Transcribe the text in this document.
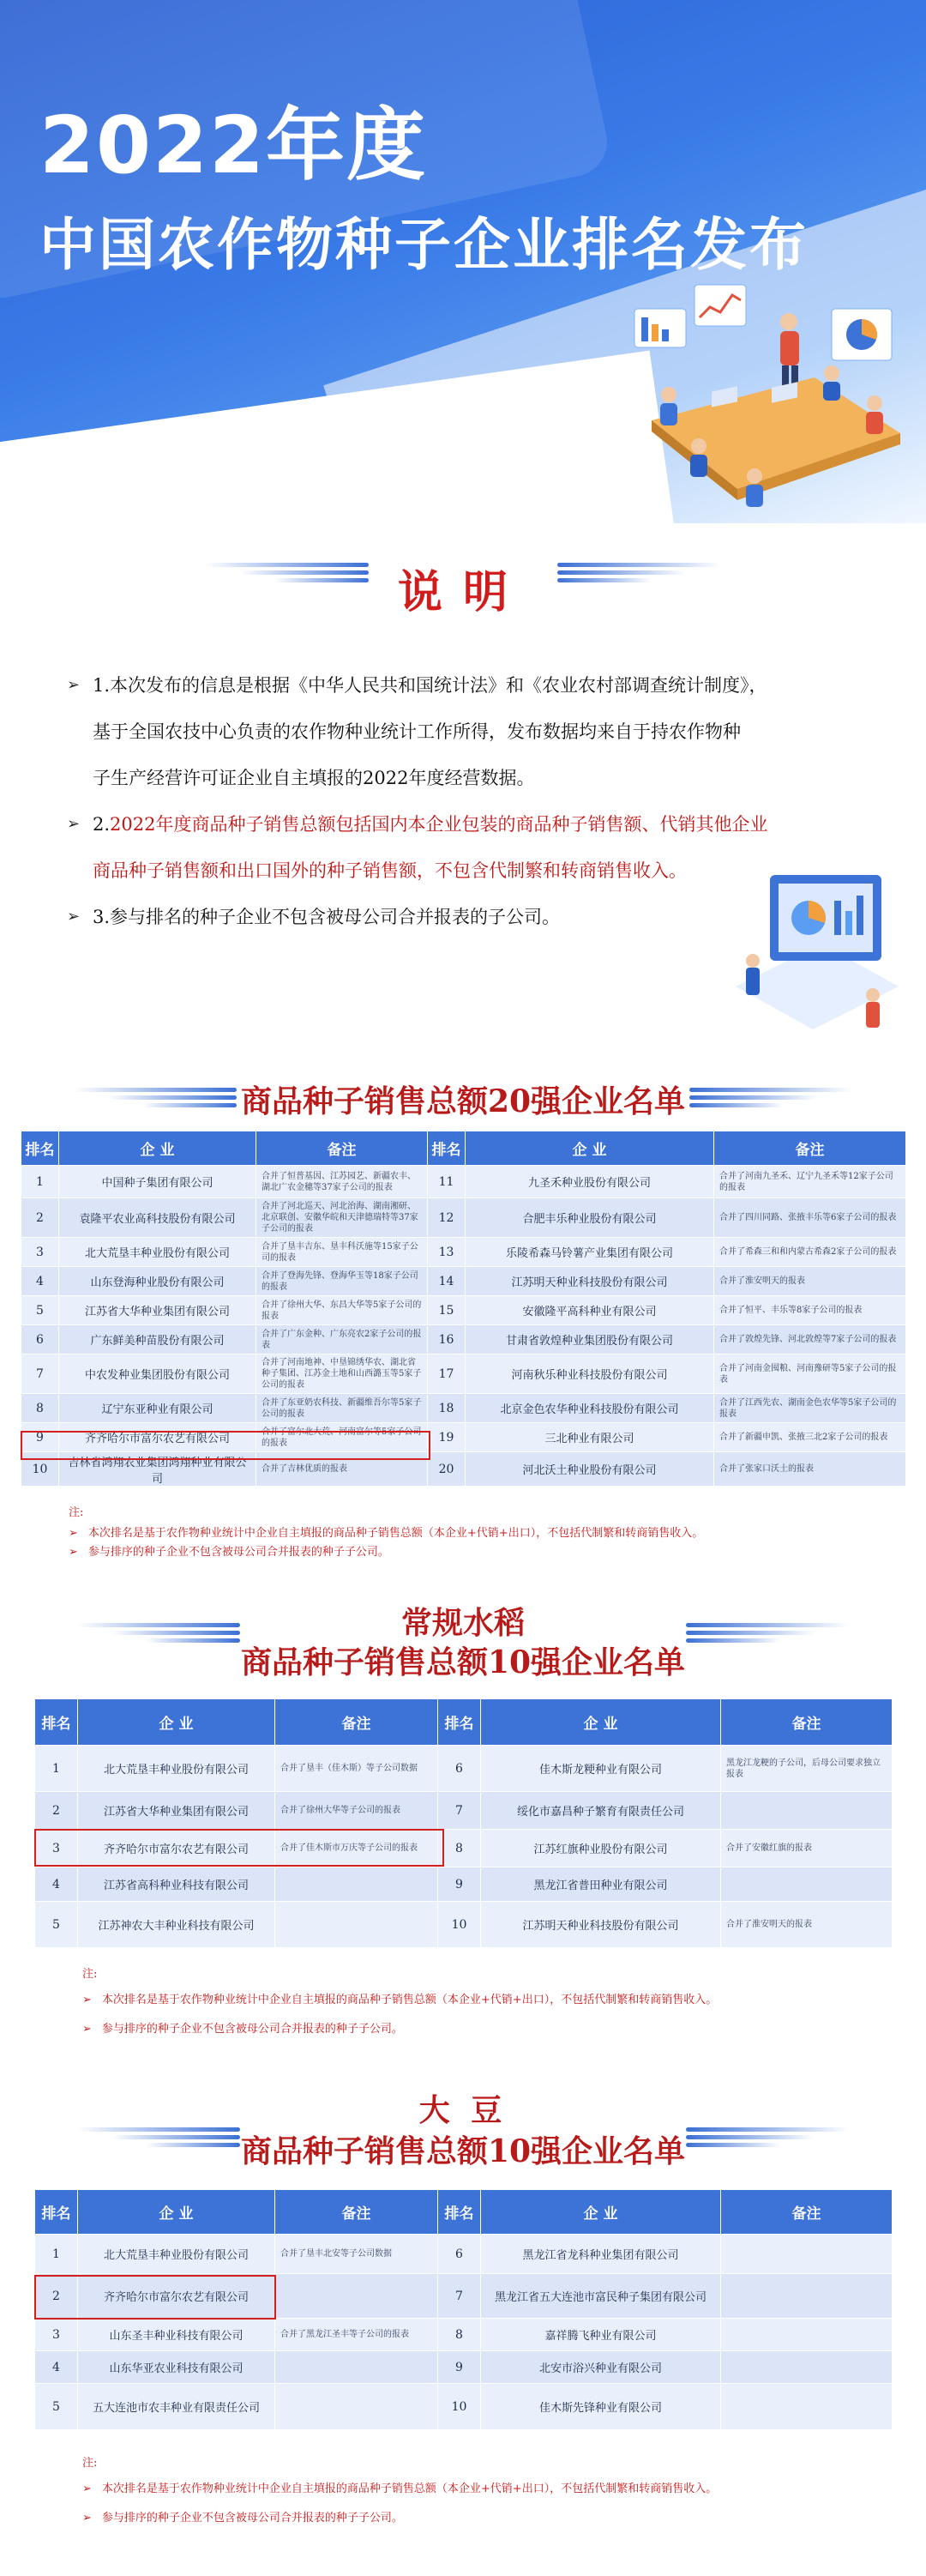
2022年度
中国农作物种子企业排名发布
说明
➢ 1.本次发布的信息是根据《中华人民共和国统计法》和《农业农村部调查统计制度》，
基于全国农技中心负责的农作物种业统计工作所得，发布数据均来自于持农作物种
子生产经营许可证企业自主填报的2022年度经营数据。
➢ 2.2022年度商品种子销售总额包括国内本企业包装的商品种子销售额、代销其他企业
商品种子销售额和出口国外的种子销售额，不包含代制繁和转商销售收入。
➢ 3.参与排名的种子企业不包含被母公司合并报表的子公司。
商品种子销售总额20强企业名单
排名	企 业	备注	排名	企 业	备注
1	中国种子集团有限公司	合并了恒普基因、江苏园艺、新疆农丰、湖北广农金穗等37家子公司的报表	11	九圣禾种业股份有限公司	合并了河南九圣禾、辽宁九圣禾等12家子公司的报表
2	袁隆平农业高科技股份有限公司	合并了河北巡天、河北治海、湖南湘研、北京联创、安徽华皖和天津德瑞特等37家子公司的报表	12	合肥丰乐种业股份有限公司	合并了四川同路、张掖丰乐等6家子公司的报表
3	北大荒垦丰种业股份有限公司	合并了垦丰吉东、垦丰科沃施等15家子公司的报表	13	乐陵希森马铃薯产业集团有限公司	合并了希森三和和内蒙古希森2家子公司的报表
4	山东登海种业股份有限公司	合并了登海先锋、登海华玉等18家子公司的报表	14	江苏明天种业科技股份有限公司	合并了淮安明天的报表
5	江苏省大华种业集团有限公司	合并了徐州大华、东昌大华等5家子公司的报表	15	安徽隆平高科种业有限公司	合并了恒平、丰乐等8家子公司的报表
6	广东鲜美种苗股份有限公司	合并了广东金种、广东亮农2家子公司的报表	16	甘肃省敦煌种业集团股份有限公司	合并了敦煌先锋、河北敦煌等7家子公司的报表
7	中农发种业集团股份有限公司	合并了河南地神、中垦锦绣华农、湖北省种子集团、江苏金土地和山西潞玉等5家子公司的报表	17	河南秋乐种业科技股份有限公司	合并了河南金囤粮、河南豫研等5家子公司的报表
8	辽宁东亚种业有限公司	合并了东亚奶农科技、新疆维吾尔等5家子公司的报表	18	北京金色农华种业科技股份有限公司	合并了江西先农、湖南金色农华等5家子公司的报表
9	齐齐哈尔市富尔农艺有限公司	合并了富尔北大荒、河南富尔等5家子公司的报表	19	三北种业有限公司	合并了新疆申凯、张掖三北2家子公司的报表
10	吉林省鸿翔农业集团鸿翔种业有限公司	合并了吉林优质的报表	20	河北沃土种业股份有限公司	合并了张家口沃土的报表
注:
➢ 本次排名是基于农作物种业统计中企业自主填报的商品种子销售总额（本企业+代销+出口），不包括代制繁和转商销售收入。
➢ 参与排序的种子企业不包含被母公司合并报表的种子子公司。
常规水稻
商品种子销售总额10强企业名单
排名	企 业	备注	排名	企 业	备注
1	北大荒垦丰种业股份有限公司	合并了垦丰（佳木斯）等子公司数据	6	佳木斯龙粳种业有限公司	黑龙江龙粳的子公司，后母公司要求独立报表
2	江苏省大华种业集团有限公司	合并了徐州大华等子公司的报表	7	绥化市嘉昌种子繁育有限责任公司	
3	齐齐哈尔市富尔农艺有限公司	合并了佳木斯市万庆等子公司的报表	8	江苏红旗种业股份有限公司	合并了安徽红旗的报表
4	江苏省高科种业科技有限公司		9	黑龙江省普田种业有限公司	
5	江苏神农大丰种业科技有限公司		10	江苏明天种业科技股份有限公司	合并了淮安明天的报表
注:
➢ 本次排名是基于农作物种业统计中企业自主填报的商品种子销售总额（本企业+代销+出口），不包括代制繁和转商销售收入。
➢ 参与排序的种子企业不包含被母公司合并报表的种子子公司。
大 豆
商品种子销售总额10强企业名单
排名	企 业	备注	排名	企 业	备注
1	北大荒垦丰种业股份有限公司	合并了垦丰北安等子公司数据	6	黑龙江省龙科种业集团有限公司	
2	齐齐哈尔市富尔农艺有限公司		7	黑龙江省五大连池市富民种子集团有限公司	
3	山东圣丰种业科技有限公司	合并了黑龙江圣丰等子公司的报表	8	嘉祥腾飞种业有限公司	
4	山东华亚农业科技有限公司		9	北安市浴兴种业有限公司	
5	五大连池市农丰种业有限责任公司		10	佳木斯先锋种业有限公司	
注:
➢ 本次排名是基于农作物种业统计中企业自主填报的商品种子销售总额（本企业+代销+出口），不包括代制繁和转商销售收入。
➢ 参与排序的种子企业不包含被母公司合并报表的种子子公司。
